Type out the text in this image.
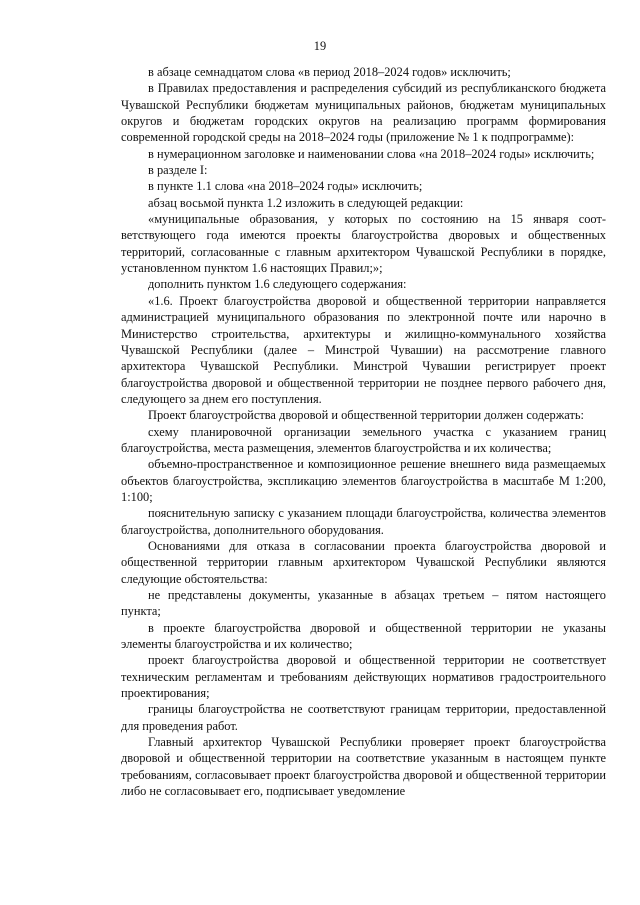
19

в абзаце семнадцатом слова «в период 2018–2024 годов» исключить;

в Правилах предоставления и распределения субсидий из республиканского бюджета Чувашской Республики бюджетам муниципальных районов, бюджетам муниципальных округов и бюджетам городских округов на реализацию программ формирования современной городской среды на 2018–2024 годы (приложение № 1 к подпрограмме):

в нумерационном заголовке и наименовании слова «на 2018–2024 годы» исключить;

в разделе I:

в пункте 1.1 слова «на 2018–2024 годы» исключить;

абзац восьмой пункта 1.2 изложить в следующей редакции:

«муниципальные образования, у которых по состоянию на 15 января соответствующего года имеются проекты благоустройства дворовых и общественных территорий, согласованные с главным архитектором Чувашской Республики в порядке, установленном пунктом 1.6 настоящих Правил;»;

дополнить пунктом 1.6 следующего содержания:

«1.6. Проект благоустройства дворовой и общественной территории направляется администрацией муниципального образования по электронной почте или нарочно в Министерство строительства, архитектуры и жилищно-коммунального хозяйства Чувашской Республики (далее – Минстрой Чувашии) на рассмотрение главного архитектора Чувашской Республики. Минстрой Чувашии регистрирует проект благоустройства дворовой и общественной территории не позднее первого рабочего дня, следующего за днем его поступления.

Проект благоустройства дворовой и общественной территории должен содержать:

схему планировочной организации земельного участка с указанием границ благоустройства, места размещения, элементов благоустройства и их количества;

объемно-пространственное и композиционное решение внешнего вида размещаемых объектов благоустройства, экспликацию элементов благоустройства в масштабе М 1:200, 1:100;

пояснительную записку с указанием площади благоустройства, количества элементов благоустройства, дополнительного оборудования.

Основаниями для отказа в согласовании проекта благоустройства дворовой и общественной территории главным архитектором Чувашской Республики являются следующие обстоятельства:

не представлены документы, указанные в абзацах третьем – пятом настоящего пункта;

в проекте благоустройства дворовой и общественной территории не указаны элементы благоустройства и их количество;

проект благоустройства дворовой и общественной территории не соответствует техническим регламентам и требованиям действующих нормативов градостроительного проектирования;

границы благоустройства не соответствуют границам территории, предоставленной для проведения работ.

Главный архитектор Чувашской Республики проверяет проект благоустройства дворовой и общественной территории на соответствие указанным в настоящем пункте требованиям, согласовывает проект благоустройства дворовой и общественной территории либо не согласовывает его, подписывает уведомление
